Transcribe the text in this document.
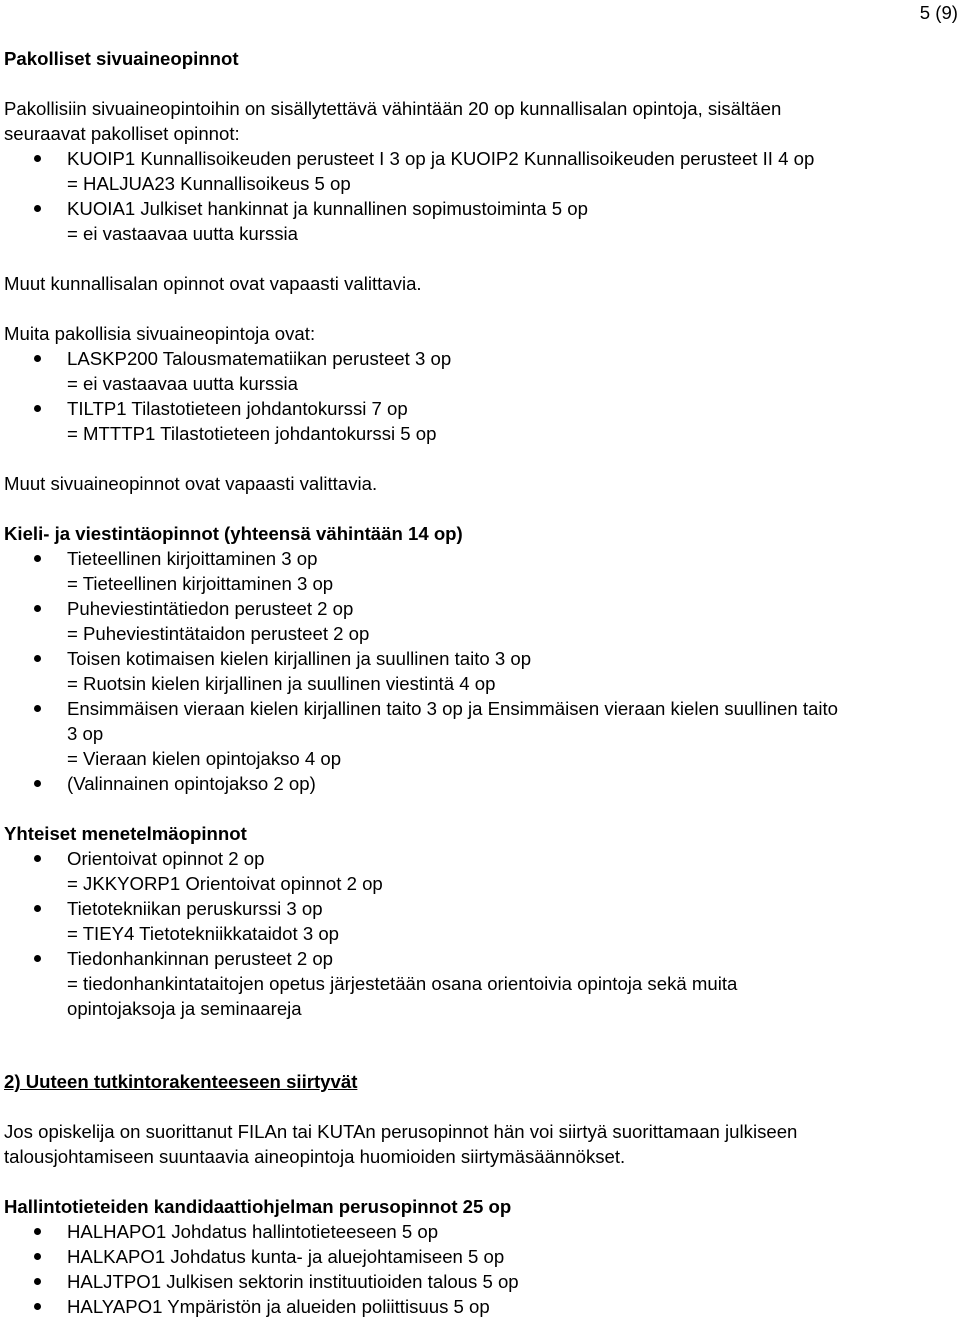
5 (9)

Pakolliset sivuaineopinnot

Pakollisiin sivuaineopintoihin on sisällytettävä vähintään 20 op kunnallisalan opintoja, sisältäen

seuraavat pakolliset opinnot:

KUOIP1 Kunnallisoikeuden perusteet I 3 op ja KUOIP2 Kunnallisoikeuden perusteet II 4 op
= HALJUA23 Kunnallisoikeus 5 op
KUOIA1 Julkiset hankinnat ja kunnallinen sopimustoiminta 5 op
= ei vastaavaa uutta kurssia

Muut kunnallisalan opinnot ovat vapaasti valittavia.

Muita pakollisia sivuaineopintoja ovat:

LASKP200 Talousmatematiikan perusteet 3 op
= ei vastaavaa uutta kurssia
TILTP1 Tilastotieteen johdantokurssi 7 op
= MTTTP1 Tilastotieteen johdantokurssi 5 op

Muut sivuaineopinnot ovat vapaasti valittavia.

Kieli- ja viestintäopinnot (yhteensä vähintään 14 op)

Tieteellinen kirjoittaminen 3 op
= Tieteellinen kirjoittaminen 3 op
Puheviestintätiedon perusteet 2 op
= Puheviestintätaidon perusteet 2 op
Toisen kotimaisen kielen kirjallinen ja suullinen taito 3 op
= Ruotsin kielen kirjallinen ja suullinen viestintä 4 op
Ensimmäisen vieraan kielen kirjallinen taito 3 op ja Ensimmäisen vieraan kielen suullinen taito
3 op
= Vieraan kielen opintojakso 4 op
(Valinnainen opintojakso 2 op)

Yhteiset menetelmäopinnot

Orientoivat opinnot 2 op
= JKKYORP1 Orientoivat opinnot 2 op
Tietotekniikan peruskurssi 3 op
= TIEY4 Tietotekniikkataidot 3 op
Tiedonhankinnan perusteet 2 op
= tiedonhankintataitojen opetus järjestetään osana orientoivia opintoja sekä muita
opintojaksoja ja seminaareja

2) Uuteen tutkintorakenteeseen siirtyvät

Jos opiskelija on suorittanut FILAn tai KUTAn perusopinnot hän voi siirtyä suorittamaan julkiseen

talousjohtamiseen suuntaavia aineopintoja huomioiden siirtymäsäännökset.

Hallintotieteiden kandidaattiohjelman perusopinnot 25 op

HALHAPO1 Johdatus hallintotieteeseen 5 op
HALKAPO1 Johdatus kunta- ja aluejohtamiseen 5 op
HALJTPO1 Julkisen sektorin instituutioiden talous 5 op
HALYAPO1 Ympäristön ja alueiden poliittisuus 5 op
